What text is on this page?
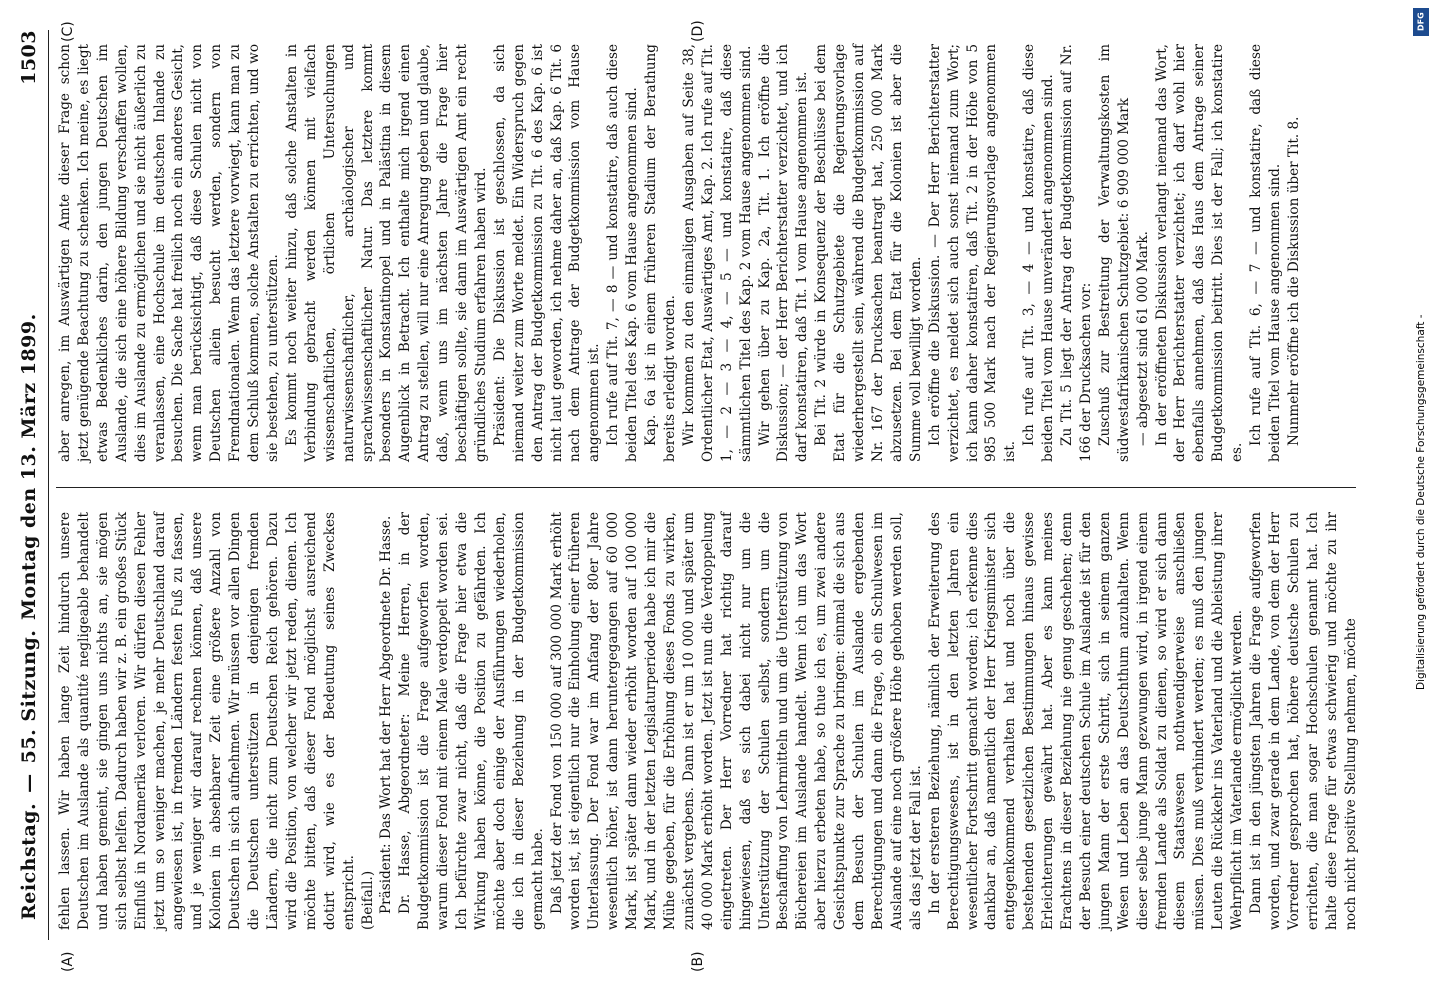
Reichstag.—55. Sitzung.
Montag den 13. März 1899.
1503
(A)	(B)
(C)	(D)

fehlen lassen. Wir haben lange Zeit hindurch unsere Deutschen im Auslande als quantité negligeable behandelt und haben gemeint, sie gingen uns nichts an, sie mögen sich selbst helfen. Dadurch haben wir z. B. ein großes Stück Einfluß in Nordamerika verloren. Wir dürfen diesen Fehler jetzt um so weniger machen, je mehr Deutschland darauf angewiesen ist, in fremden Ländern festen Fuß zu fassen, und je weniger wir darauf rechnen können, daß unsere Kolonien in absehbarer Zeit eine größere Anzahl von Deutschen in sich aufnehmen. Wir müssen vor allen Dingen die Deutschen unterstützen in denjenigen fremden Ländern, die nicht zum Deutschen Reich gehören. Dazu wird die Position, von welcher wir jetzt reden, dienen. Ich möchte bitten, daß dieser Fond möglichst ausreichend dotirt wird, wie es der Bedeutung seines Zweckes entspricht. (Beifall.) Präsident: Das Wort hat der Herr Abgeordnete Dr. Hasse. Dr. Hasse, Abgeordneter: Meine Herren, in der Budgetkommission ist die Frage aufgeworfen worden, warum dieser Fond mit einem Male verdoppelt worden sei. Ich befürchte zwar nicht, daß die Frage hier etwa die Wirkung haben könne, die Position zu gefährden. Ich möchte aber doch einige der Ausführungen wiederholen, die ich in dieser Beziehung in der Budgetkommission gemacht habe. Daß jetzt der Fond von 150 000 auf 300 000 Mark erhöht worden ist, ist eigentlich nur die Einholung einer früheren Unterlassung. Der Fond war im Anfang der 80er Jahre wesentlich höher, ist dann heruntergegangen auf 60 000 Mark, ist später dann wieder erhöht worden auf 100 000 Mark, und in der letzten Legislaturperiode habe ich mir die Mühe gegeben, für die Erhöhung dieses Fonds zu wirken, zunächst vergebens. Dann ist er um 10 000 und später um 40 000 Mark erhöht worden. Jetzt ist nun die Verdoppelung eingetreten. Der Herr Vorredner hat richtig darauf hingewiesen, daß es sich dabei nicht nur um die Unterstützung der Schulen selbst, sondern um die Beschaffung von Lehrmitteln und um die Unterstützung von Büchereien im Auslande handelt. Wenn ich um das Wort aber hierzu erbeten habe, so thue ich es, um zwei andere Gesichtspunkte zur Sprache zu bringen: einmal die sich aus dem Besuch der Schulen im Auslande ergebenden Berechtigungen und dann die Frage, ob ein Schulwesen im Auslande auf eine noch größere Höhe gehoben werden soll, als das jetzt der Fall ist. In der ersteren Beziehung, nämlich der Erweiterung des Berechtigungswesens, ist in den letzten Jahren ein wesentlicher Fortschritt gemacht worden; ich erkenne dies dankbar an, daß namentlich der Herr Kriegsminister sich entgegenkommend verhalten hat und noch über die bestehenden gesetzlichen Bestimmungen hinaus gewisse Erleichterungen gewährt hat. Aber es kann meines Erachtens in dieser Beziehung nie genug geschehen; denn der Besuch einer deutschen Schule im Auslande ist für den jungen Mann der erste Schritt, sich in seinem ganzen Wesen und Leben an das Deutschthum anzuhalten. Wenn dieser selbe junge Mann gezwungen wird, in irgend einem fremden Lande als Soldat zu dienen, so wird er sich dann diesem Staatswesen nothwendigerweise anschließen müssen. Dies muß verhindert werden; es muß den jungen Leuten die Rückkehr ins Vaterland und die Ableistung ihrer Wehrpflicht im Vaterlande ermöglicht werden. Dann ist in den jüngsten Jahren die Frage aufgeworfen worden, und zwar gerade in dem Lande, von dem der Herr Vorredner gesprochen hat, höhere deutsche Schulen zu errichten, die man sogar Hochschulen genannt hat. Ich halte diese Frage für etwas schwierig und möchte zu ihr noch nicht positive Stellung nehmen, möchte

aber anregen, im Auswärtigen Amte dieser Frage schon jetzt genügende Beachtung zu schenken. Ich meine, es liegt etwas Bedenkliches darin, den jungen Deutschen im Auslande, die sich eine höhere Bildung verschaffen wollen, dies im Auslande zu ermöglichen und sie nicht äußerlich zu veranlassen, eine Hochschule im deutschen Inlande zu besuchen. Die Sache hat freilich noch ein anderes Gesicht, wenn man berücksichtigt, daß diese Schulen nicht von Deutschen allein besucht werden, sondern von Fremdnationalen. Wenn das letztere vorwiegt, kann man zu dem Schluß kommen, solche Anstalten zu errichten, und wo sie bestehen, zu unterstützen. Es kommt noch weiter hinzu, daß solche Anstalten in Verbindung gebracht werden können mit vielfach wissenschaftlichen, örtlichen Untersuchungen naturwissenschaftlicher, archäologischer und sprachwissenschaftlicher Natur. Das letztere kommt besonders in Konstantinopel und in Palästina in diesem Augenblick in Betracht. Ich enthalte mich irgend einen Antrag zu stellen, will nur eine Anregung geben und glaube, daß, wenn uns im nächsten Jahre die Frage hier beschäftigen sollte, sie dann im Auswärtigen Amt ein recht gründliches Studium erfahren haben wird. Präsident: Die Diskussion ist geschlossen, da sich niemand weiter zum Worte meldet. Ein Widerspruch gegen den Antrag der Budgetkommission zu Tit. 6 des Kap. 6 ist nicht laut geworden, ich nehme daher an, daß Kap. 6 Tit. 6 nach dem Antrage der Budgetkommission vom Hause angenommen ist. Ich rufe auf Tit. 7, — 8 — und konstatire, daß auch diese beiden Titel des Kap. 6 vom Hause angenommen sind. Kap. 6a ist in einem früheren Stadium der Berathung bereits erledigt worden. Wir kommen zu den einmaligen Ausgaben auf Seite 38, Ordentlicher Etat, Auswärtiges Amt, Kap. 2. Ich rufe auf Tit. 1, — 2 — 3 — 4, — 5 — und konstatire, daß diese sämmtlichen Titel des Kap. 2 vom Hause angenommen sind. Wir gehen über zu Kap. 2a, Tit. 1. Ich eröffne die Diskussion; — der Herr Berichterstatter verzichtet, und ich darf konstatiren, daß Tit. 1 vom Hause angenommen ist. Bei Tit. 2 würde in Konsequenz der Beschlüsse bei dem Etat für die Schutzgebiete die Regierungsvorlage wiederhergestellt sein, während die Budgetkommission auf Nr. 167 der Drucksachen beantragt hat, 250 000 Mark abzusetzen. Bei dem Etat für die Kolonien ist aber die Summe voll bewilligt worden. Ich eröffne die Diskussion. — Der Herr Berichterstatter verzichtet, es meldet sich auch sonst niemand zum Wort; ich kann daher konstatiren, daß Tit. 2 in der Höhe von 5 985 500 Mark nach der Regierungsvorlage angenommen ist.

Ich rufe auf Tit. 3, — 4 — und konstatire, daß diese beiden Titel vom Hause unverändert angenommen sind. Zu Tit. 5 liegt der Antrag der Budgetkommission auf Nr. 166 der Drucksachen vor: Zuschuß zur Bestreitung der Verwaltungskosten im südwestafrikanischen Schutzgebiet: 6 909 000 Mark — abgesetzt sind 61 000 Mark. In der eröffneten Diskussion verlangt niemand das Wort, der Herr Berichterstatter verzichtet; ich darf wohl hier ebenfalls annehmen, daß das Haus dem Antrage seiner Budgetkommission beitritt. Dies ist der Fall; ich konstatire es.

Ich rufe auf Tit. 6, — 7 — und konstatire, daß diese beiden Titel vom Hause angenommen sind. Nunmehr eröffne ich die Diskussion über Tit. 8.

DFG
Digitalisierung gefördert durch die Deutsche Forschungsgemeinschaft -
